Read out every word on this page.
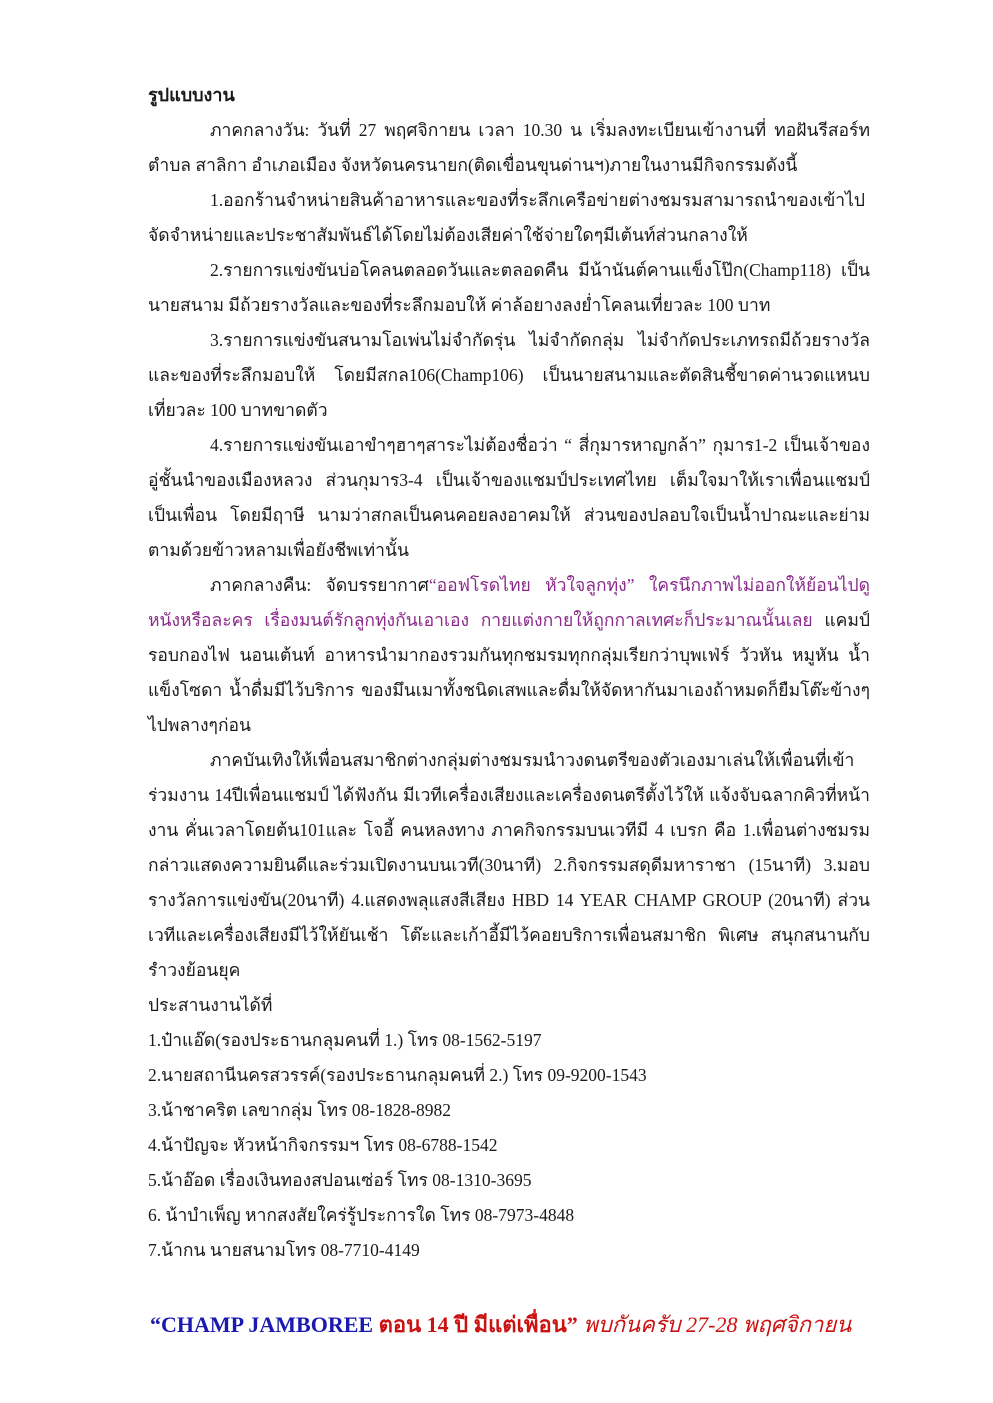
รูปแบบงาน

ภาคกลางวัน: วันที่ 27 พฤศจิกายน เวลา 10.30 น เริ่มลงทะเบียนเข้างานที่ ทอฝันรีสอร์ท ตำบล สาลิกา อำเภอเมือง จังหวัดนครนายก(ติดเขื่อนขุนด่านฯ)ภายในงานมีกิจกรรมดังนี้

1.ออกร้านจำหน่ายสินค้าอาหารและของที่ระลึกเครือข่ายต่างชมรมสามารถนำของเข้าไปจัดจำหน่ายและประชาสัมพันธ์ได้โดยไม่ต้องเสียค่าใช้จ่ายใดๆมีเต้นท์ส่วนกลางให้

2.รายการแข่งขันบ่อโคลนตลอดวันและตลอดคืน มีน้านันต์คานแข็งโป๊ก(Champ118) เป็นนายสนาม มีถ้วยรางวัลและของที่ระลึกมอบให้ ค่าล้อยางลงย่ำโคลนเที่ยวละ 100 บาท

3.รายการแข่งขันสนามโอเพ่นไม่จำกัดรุ่น ไม่จำกัดกลุ่ม ไม่จำกัดประเภทรถมีถ้วยรางวัลและของที่ระลึกมอบให้ โดยมีสกล106(Champ106) เป็นนายสนามและตัดสินชี้ขาดค่านวดแหนบเที่ยวละ 100 บาทขาดตัว

4.รายการแข่งขันเอาขำๆฮาๆสาระไม่ต้องชื่อว่า “ สี่กุมารหาญกล้า” กุมาร1-2 เป็นเจ้าของอู่ชั้นนำของเมืองหลวง ส่วนกุมาร3-4 เป็นเจ้าของแชมป์ประเทศไทย เต็มใจมาให้เราเพื่อนแชมป์เป็นเพื่อน โดยมีฤาษี นามว่าสกลเป็นคนคอยลงอาคมให้ ส่วนของปลอบใจเป็นน้ำปาณะและย่ามตามด้วยข้าวหลามเพื่อยังชีพเท่านั้น

ภาคกลางคืน: จัดบรรยากาศ“ออฟโรดไทย หัวใจลูกทุ่ง” ใครนึกภาพไม่ออกให้ย้อนไปดูหนังหรือละคร เรื่องมนต์รักลูกทุ่งกันเอาเอง กายแต่งกายให้ถูกกาลเทศะก็ประมาณนั้นเลย แคมป์รอบกองไฟ นอนเต้นท์ อาหารนำมากองรวมกันทุกชมรมทุกกลุ่มเรียกว่าบุพเฟ่ร์ วัวหัน หมูหัน น้ำแข็งโซดา น้ำดื่มมีไว้บริการ ของมึนเมาทั้งชนิดเสพและดื่มให้จัดหากันมาเองถ้าหมดก็ยืมโต๊ะข้างๆไปพลางๆก่อน

ภาคบันเทิงให้เพื่อนสมาชิกต่างกลุ่มต่างชมรมนำวงดนตรีของตัวเองมาเล่นให้เพื่อนที่เข้าร่วมงาน 14ปีเพื่อนแชมป์ ได้ฟังกัน มีเวทีเครื่องเสียงและเครื่องดนตรีตั้งไว้ให้ แจ้งจับฉลากคิวที่หน้างาน คั่นเวลาโดยต้น101และ โจอี้ คนหลงทาง ภาคกิจกรรมบนเวทีมี 4 เบรก คือ 1.เพื่อนต่างชมรมกล่าวแสดงความยินดีและร่วมเปิดงานบนเวที(30นาที) 2.กิจกรรมสดุดีมหาราชา (15นาที) 3.มอบรางวัลการแข่งขัน(20นาที) 4.แสดงพลุแสงสีเสียง HBD 14 YEAR CHAMP GROUP (20นาที) ส่วนเวทีและเครื่องเสียงมีไว้ให้ยันเช้า โต๊ะและเก้าอี้มีไว้คอยบริการเพื่อนสมาชิก พิเศษ สนุกสนานกับรำวงย้อนยุค

ประสานงานได้ที่

1.ป๋าแอ๊ด(รองประธานกลุมคนที่ 1.) โทร 08-1562-5197
2.นายสถานีนครสวรรค์(รองประธานกลุมคนที่ 2.) โทร 09-9200-1543
3.น้าชาคริต เลขากลุ่ม โทร 08-1828-8982
4.น้าปัญจะ หัวหน้ากิจกรรมฯ โทร 08-6788-1542
5.น้าอ๊อด เรื่องเงินทองสปอนเซ่อร์ โทร 08-1310-3695
6. น้าบำเพ็ญ หากสงสัยใคร่รู้ประการใด โทร 08-7973-4848
7.น้ากน นายสนามโทร 08-7710-4149
“CHAMP JAMBOREE ตอน 14 ปี มีแต่เพื่อน” พบกันครับ 27-28 พฤศจิกายน
